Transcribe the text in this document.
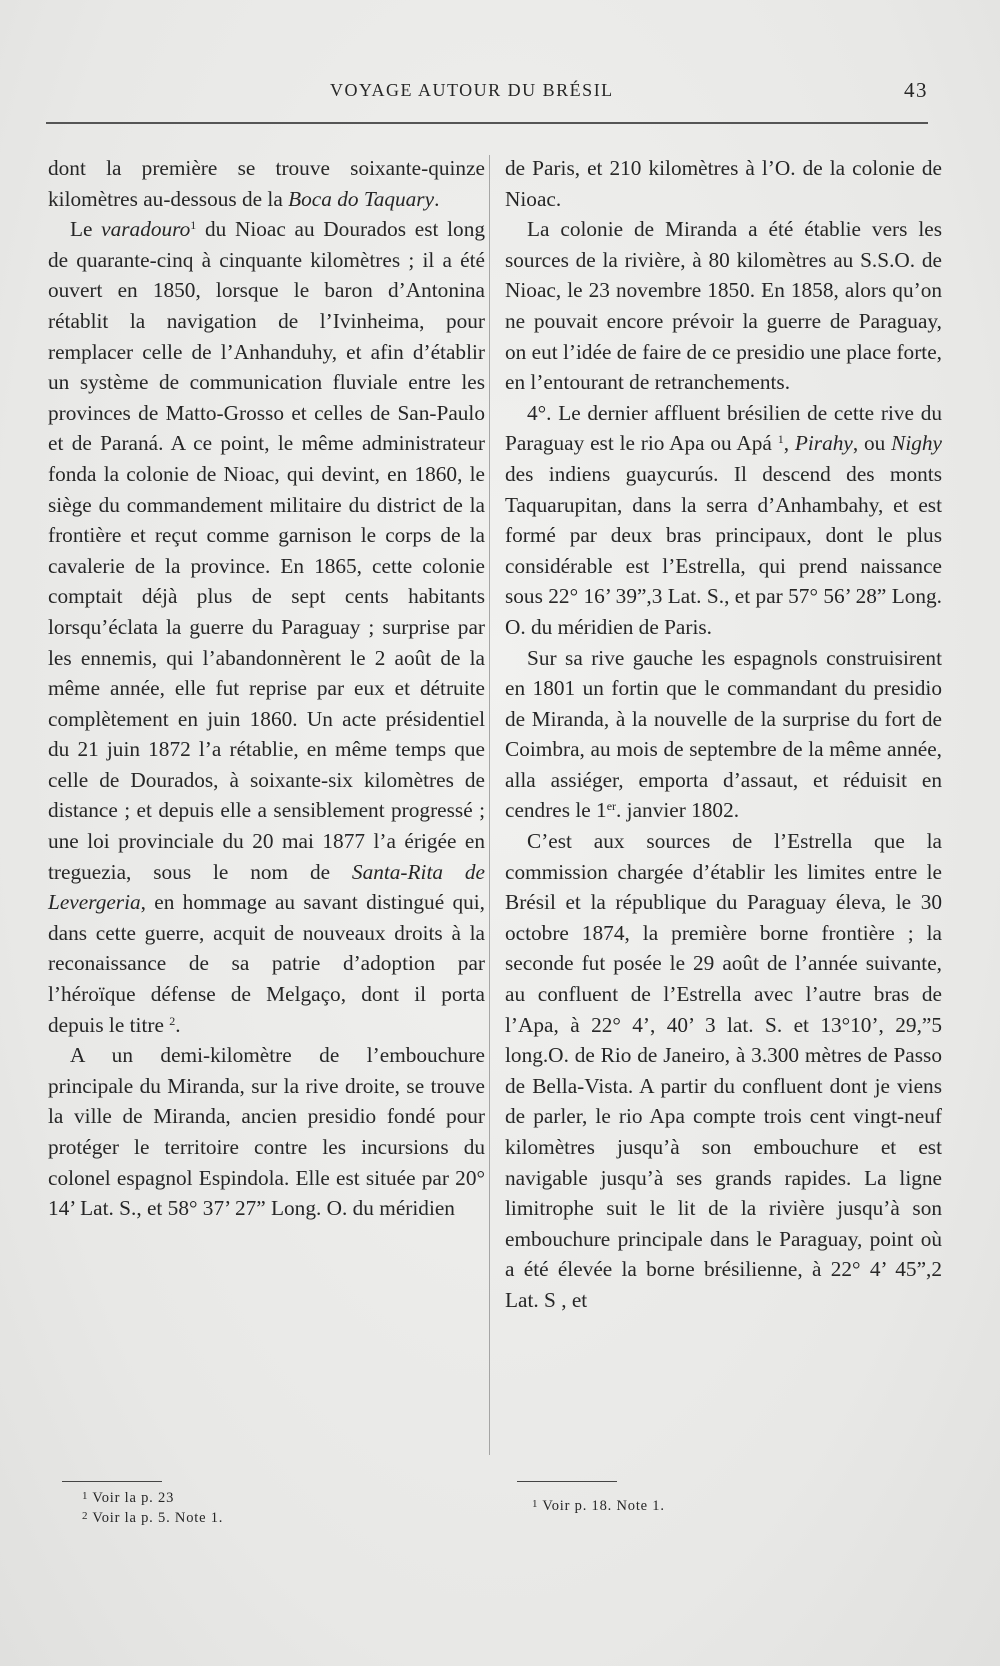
VOYAGE AUTOUR DU BRÉSIL	43

dont la première se trouve soixante-quinze kilomètres au-dessous de la Boca do Taquary.

Le varadouro$^1$ du Nioac au Dourados est long de quarante-cinq à cinquante kilomètres ; il a été ouvert en 1850, lorsque le baron d’Antonina rétablit la navigation de l’Ivinheima, pour remplacer celle de l’Anhanduhy, et afin d’établir un système de communication fluviale entre les provinces de Matto-Grosso et celles de San-Paulo et de Paraná. A ce point, le même administrateur fonda la colonie de Nioac, qui devint, en 1860, le siège du commandement militaire du district de la frontière et reçut comme garnison le corps de la cavalerie de la province. En 1865, cette colonie comptait déjà plus de sept cents habitants lorsqu’éclata la guerre du Paraguay ; surprise par les ennemis, qui l’abandonnèrent le 2 août de la même année, elle fut reprise par eux et détruite complètement en juin 1860. Un acte présidentiel du 21 juin 1872 l’a rétablie, en même temps que celle de Dourados, à soixante-six kilomètres de distance ; et depuis elle a sensiblement progressé ; une loi provinciale du 20 mai 1877 l’a érigée en treguezia, sous le nom de Santa-Rita de Levergeria, en hommage au savant distingué qui, dans cette guerre, acquit de nouveaux droits à la reconaissance de sa patrie d’adoption par l’héroïque défense de Melgaço, dont il porta depuis le titre $^2$.

A un demi-kilomètre de l’embouchure principale du Miranda, sur la rive droite, se trouve la ville de Miranda, ancien presidio fondé pour protéger le territoire contre les incursions du colonel espagnol Espindola. Elle est située par 20° 14’ Lat. S., et 58° 37’ 27” Long. O. du méridien

de Paris, et 210 kilomètres à l’O. de la colonie de Nioac.

La colonie de Miranda a été établie vers les sources de la rivière, à 80 kilomètres au S.S.O. de Nioac, le 23 novembre 1850. En 1858, alors qu’on ne pouvait encore prévoir la guerre de Paraguay, on eut l’idée de faire de ce presidio une place forte, en l’entourant de retranchements.

4°. Le dernier affluent brésilien de cette rive du Paraguay est le rio Apa ou Apá $^1$, Pirahy, ou Nighy des indiens guaycurús. Il descend des monts Taquarupitan, dans la serra d’Anhambahy, et est formé par deux bras principaux, dont le plus considérable est l’Estrella, qui prend naissance sous 22° 16’ 39”,3 Lat. S., et par 57° 56’ 28” Long. O. du méridien de Paris.

Sur sa rive gauche les espagnols construisirent en 1801 un fortin que le commandant du presidio de Miranda, à la nouvelle de la surprise du fort de Coimbra, au mois de septembre de la même année, alla assiéger, emporta d’assaut, et réduisit en cendres le 1er. janvier 1802.

C’est aux sources de l’Estrella que la commission chargée d’établir les limites entre le Brésil et la république du Paraguay éleva, le 30 octobre 1874, la première borne frontière ; la seconde fut posée le 29 août de l’année suivante, au confluent de l’Estrella avec l’autre bras de l’Apa, à 22° 4’, 40’ 3 lat. S. et 13°10’, 29,”5 long.O. de Rio de Janeiro, à 3.300 mètres de Passo de Bella-Vista. A partir du confluent dont je viens de parler, le rio Apa compte trois cent vingt-neuf kilomètres jusqu’à son embouchure et est navigable jusqu’à ses grands rapides. La ligne limitrophe suit le lit de la rivière jusqu’à son embouchure principale dans le Paraguay, point où a été élevée la borne brésilienne, à 22° 4’ 45”,2 Lat. S , et

$^1$ Voir la p. 23
$^2$ Voir la p. 5. Note 1.
$^1$ Voir p. 18. Note 1.
